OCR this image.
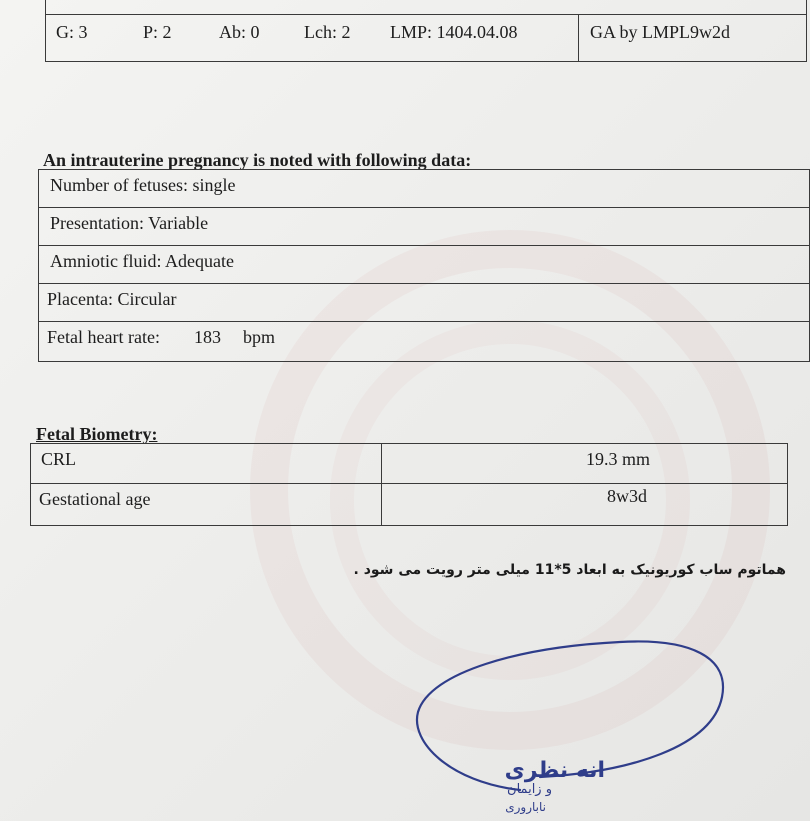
G: 3	P: 2	Ab: 0 Lch: 2 LMP: 1404.04.08	GA by LMPL9w2d
An intrauterine pregnancy is noted with following data:
Number of fetuses: single
Presentation: Variable
Amniotic fluid: Adequate
Placenta: Circular
Fetal heart rate: 183 bpm
Fetal Biometry:
CRL	19.3 mm
Gestational age	8w3d
هماتوم ساب کوریونیک به ابعاد 5*11 میلی متر رویت می شود .
انه نظری
و زایمان
ناباروری
